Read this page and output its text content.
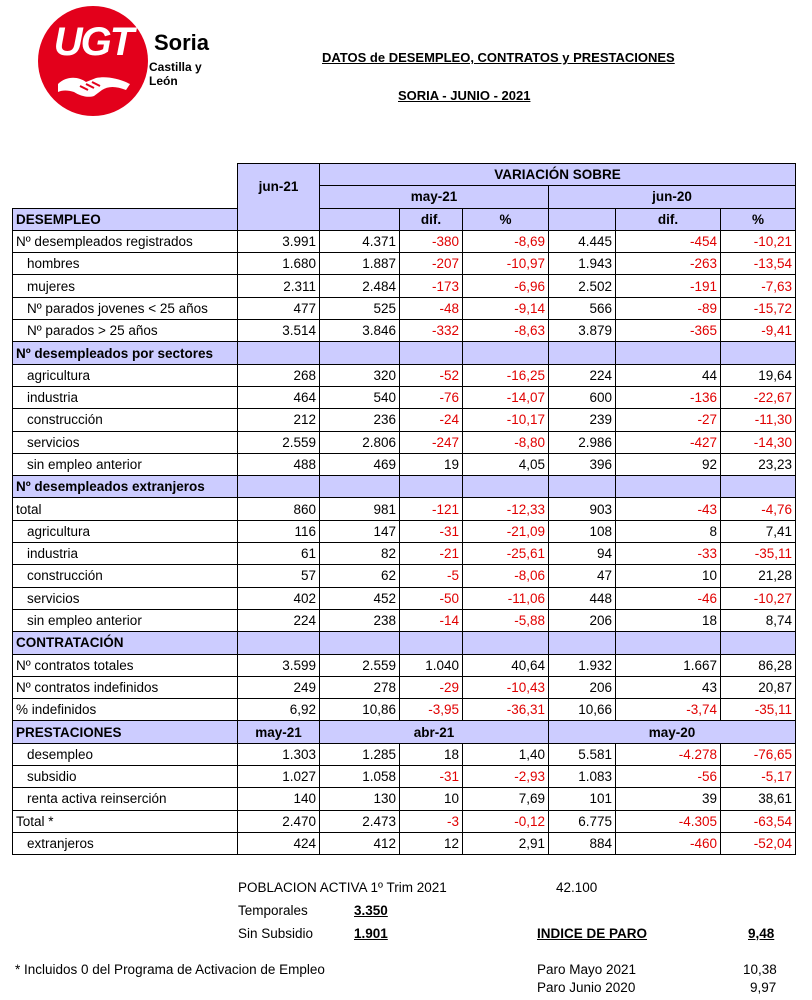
UGT Soria
Castilla y León
DATOS de DESEMPLEO, CONTRATOS y PRESTACIONES
SORIA - JUNIO - 2021
	jun-21	VARIACIÓN SOBRE					
		may-21			jun-20		
DESEMPLEO			dif.	%		dif.	%
Nº desempleados registrados	3.991	4.371	-380	-8,69	4.445	-454	-10,21
hombres	1.680	1.887	-207	-10,97	1.943	-263	-13,54
mujeres	2.311	2.484	-173	-6,96	2.502	-191	-7,63
Nº parados jovenes < 25 años	477	525	-48	-9,14	566	-89	-15,72
Nº parados > 25 años	3.514	3.846	-332	-8,63	3.879	-365	-9,41
Nº desempleados por sectores							
agricultura	268	320	-52	-16,25	224	44	19,64
industria	464	540	-76	-14,07	600	-136	-22,67
construcción	212	236	-24	-10,17	239	-27	-11,30
servicios	2.559	2.806	-247	-8,80	2.986	-427	-14,30
sin empleo anterior	488	469	19	4,05	396	92	23,23
Nº desempleados extranjeros							
total	860	981	-121	-12,33	903	-43	-4,76
agricultura	116	147	-31	-21,09	108	8	7,41
industria	61	82	-21	-25,61	94	-33	-35,11
construcción	57	62	-5	-8,06	47	10	21,28
servicios	402	452	-50	-11,06	448	-46	-10,27
sin empleo anterior	224	238	-14	-5,88	206	18	8,74
CONTRATACIÓN							
Nº contratos totales	3.599	2.559	1.040	40,64	1.932	1.667	86,28
Nº contratos indefinidos	249	278	-29	-10,43	206	43	20,87
% indefinidos	6,92	10,86	-3,95	-36,31	10,66	-3,74	-35,11
PRESTACIONES	may-21	abr-21			may-20		
desempleo	1.303	1.285	18	1,40	5.581	-4.278	-76,65
subsidio	1.027	1.058	-31	-2,93	1.083	-56	-5,17
renta activa reinserción	140	130	10	7,69	101	39	38,61
Total *	2.470	2.473	-3	-0,12	6.775	-4.305	-63,54
extranjeros	424	412	12	2,91	884	-460	-52,04
POBLACION ACTIVA 1º Trim 2021	42.100
Temporales	3.350
Sin Subsidio	1.901	INDICE DE PARO	9,48
* Incluidos 0 del Programa de Activacion de Empleo	Paro Mayo 2021	10,38
Paro Junio 2020	9,97
